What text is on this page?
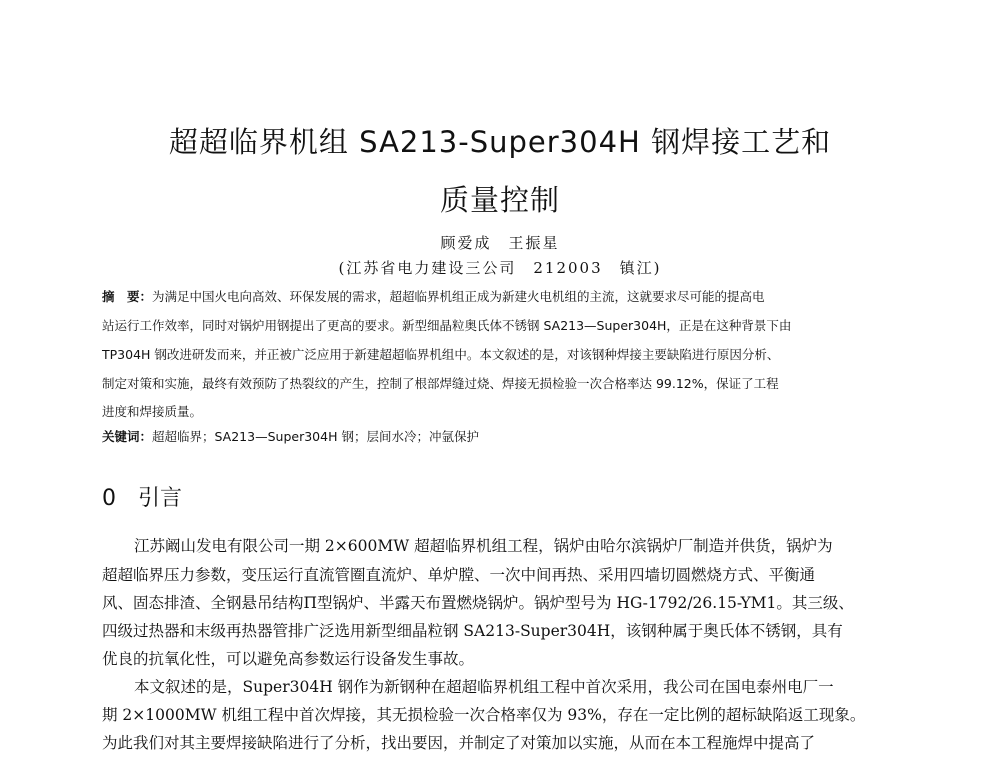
超超临界机组 SA213-Super304H 钢焊接工艺和
质量控制
顾爱成　王振星
(江苏省电力建设三公司　212003　镇江)
摘　要：为满足中国火电向高效、环保发展的需求，超超临界机组正成为新建火电机组的主流，这就要求尽可能的提高电
站运行工作效率，同时对锅炉用钢提出了更高的要求。新型细晶粒奥氏体不锈钢 SA213—Super304H，正是在这种背景下由
TP304H 钢改进研发而来，并正被广泛应用于新建超超临界机组中。本文叙述的是，对该钢种焊接主要缺陷进行原因分析、
制定对策和实施，最终有效预防了热裂纹的产生，控制了根部焊缝过烧、焊接无损检验一次合格率达 99.12%，保证了工程
进度和焊接质量。
关键词：超超临界；SA213—Super304H 钢；层间水冷；冲氩保护
0 引言
江苏阚山发电有限公司一期 2×600MW 超超临界机组工程，锅炉由哈尔滨锅炉厂制造并供货，锅炉为
超超临界压力参数，变压运行直流管圈直流炉、单炉膛、一次中间再热、采用四墙切圆燃烧方式、平衡通
风、固态排渣、全钢悬吊结构Π型锅炉、半露天布置燃烧锅炉。锅炉型号为 HG-1792/26.15-YM1。其三级、
四级过热器和末级再热器管排广泛选用新型细晶粒钢 SA213-Super304H，该钢种属于奥氏体不锈钢，具有
优良的抗氧化性，可以避免高参数运行设备发生事故。
本文叙述的是，Super304H 钢作为新钢种在超超临界机组工程中首次采用，我公司在国电泰州电厂一
期 2×1000MW 机组工程中首次焊接，其无损检验一次合格率仅为 93%，存在一定比例的超标缺陷返工现象。
为此我们对其主要焊接缺陷进行了分析，找出要因，并制定了对策加以实施，从而在本工程施焊中提高了
